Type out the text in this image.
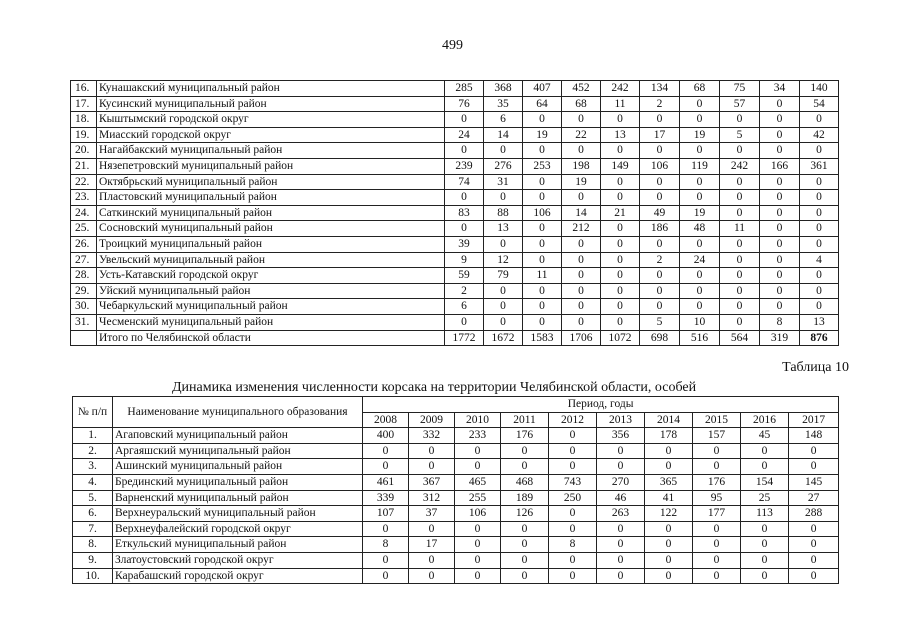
499
16.	Кунашакский муниципальный район	285	368	407	452	242	134	68	75	34	140
17.	Кусинский муниципальный район	76	35	64	68	11	2	0	57	0	54
18.	Кыштымский городской округ	0	6	0	0	0	0	0	0	0	0
19.	Миасский городской округ	24	14	19	22	13	17	19	5	0	42
20.	Нагайбакский муниципальный район	0	0	0	0	0	0	0	0	0	0
21.	Нязепетровский муниципальный район	239	276	253	198	149	106	119	242	166	361
22.	Октябрьский муниципальный район	74	31	0	19	0	0	0	0	0	0
23.	Пластовский муниципальный район	0	0	0	0	0	0	0	0	0	0
24.	Саткинский муниципальный район	83	88	106	14	21	49	19	0	0	0
25.	Сосновский муниципальный район	0	13	0	212	0	186	48	11	0	0
26.	Троицкий муниципальный район	39	0	0	0	0	0	0	0	0	0
27.	Увельский муниципальный район	9	12	0	0	0	2	24	0	0	4
28.	Усть-Катавский городской округ	59	79	11	0	0	0	0	0	0	0
29.	Уйский муниципальный район	2	0	0	0	0	0	0	0	0	0
30.	Чебаркульский муниципальный район	6	0	0	0	0	0	0	0	0	0
31.	Чесменский муниципальный район	0	0	0	0	0	5	10	0	8	13
	Итого по Челябинской области	1772	1672	1583	1706	1072	698	516	564	319	876
Таблица 10
Динамика изменения численности корсака на территории Челябинской области, особей
№ п/п	Наименование муниципального образования	Период, годы									
		2008	2009	2010	2011	2012	2013	2014	2015	2016	2017
1.	Агаповский муниципальный район	400	332	233	176	0	356	178	157	45	148
2.	Аргаяшский муниципальный район	0	0	0	0	0	0	0	0	0	0
3.	Ашинский муниципальный район	0	0	0	0	0	0	0	0	0	0
4.	Брединский муниципальный район	461	367	465	468	743	270	365	176	154	145
5.	Варненский муниципальный район	339	312	255	189	250	46	41	95	25	27
6.	Верхнеуральский муниципальный район	107	37	106	126	0	263	122	177	113	288
7.	Верхнеуфалейский городской округ	0	0	0	0	0	0	0	0	0	0
8.	Еткульский муниципальный район	8	17	0	0	8	0	0	0	0	0
9.	Златоустовский городской округ	0	0	0	0	0	0	0	0	0	0
10.	Карабашский городской округ	0	0	0	0	0	0	0	0	0	0
